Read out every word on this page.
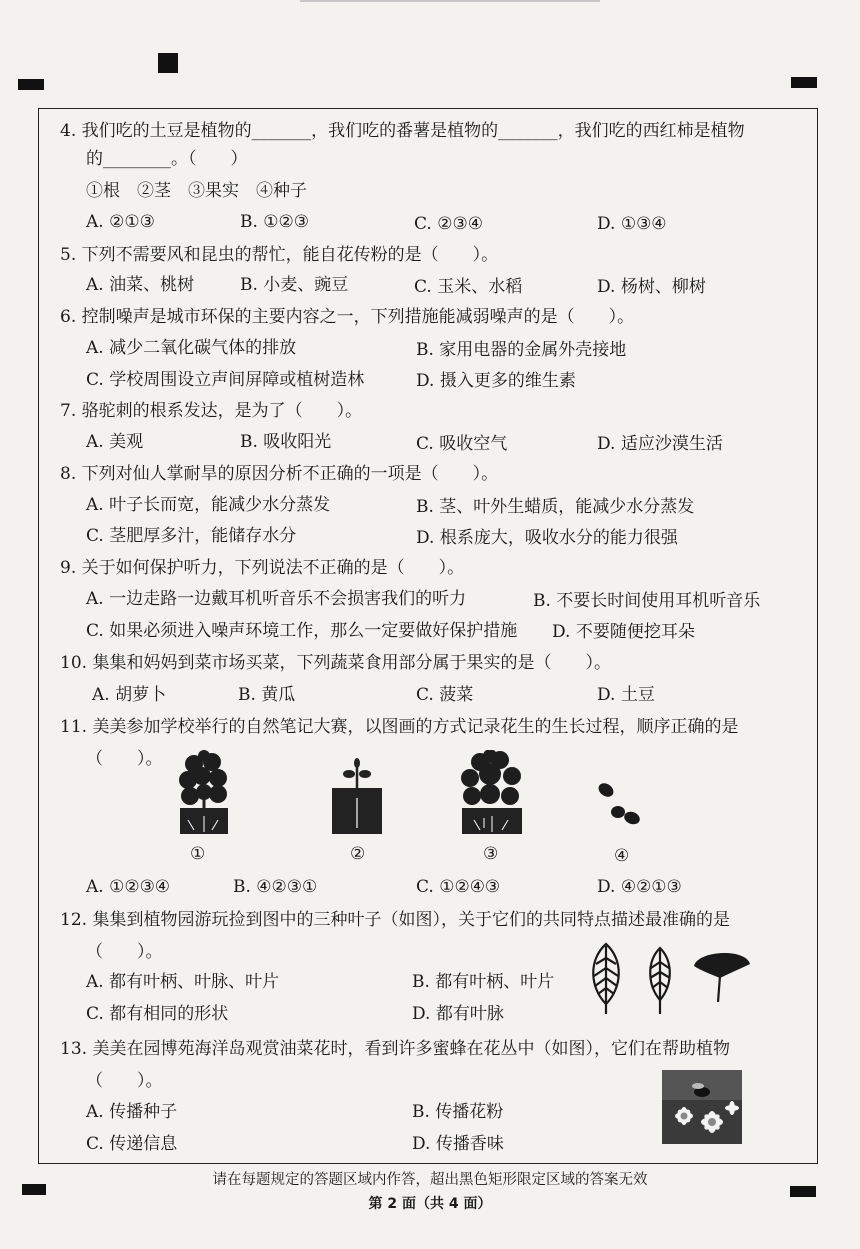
4. 我们吃的土豆是植物的_______，我们吃的番薯是植物的_______，我们吃的西红柿是植物
的________。（　　）
①根　②茎　③果实　④种子
A. ②①③	B. ①②③	C. ②③④	D. ①③④
5. 下列不需要风和昆虫的帮忙，能自花传粉的是（　　）。
A. 油菜、桃树	B. 小麦、豌豆	C. 玉米、水稻	D. 杨树、柳树
6. 控制噪声是城市环保的主要内容之一，下列措施能减弱噪声的是（　　）。
A. 减少二氧化碳气体的排放	B. 家用电器的金属外壳接地
C. 学校周围设立声间屏障或植树造林	D. 摄入更多的维生素
7. 骆驼刺的根系发达，是为了（　　）。
A. 美观	B. 吸收阳光	C. 吸收空气	D. 适应沙漠生活
8. 下列对仙人掌耐旱的原因分析不正确的一项是（　　）。
A. 叶子长而宽，能减少水分蒸发	B. 茎、叶外生蜡质，能减少水分蒸发
C. 茎肥厚多汁，能储存水分	D. 根系庞大，吸收水分的能力很强
9. 关于如何保护听力，下列说法不正确的是（　　）。
A. 一边走路一边戴耳机听音乐不会损害我们的听力	B. 不要长时间使用耳机听音乐
C. 如果必须进入噪声环境工作，那么一定要做好保护措施 D. 不要随便挖耳朵
10. 集集和妈妈到菜市场买菜，下列蔬菜食用部分属于果实的是（　　）。
A. 胡萝卜	B. 黄瓜	C. 菠菜	D. 土豆
11. 美美参加学校举行的自然笔记大赛，以图画的方式记录花生的生长过程，顺序正确的是
（　　）。
①	②	③	④
A. ①②③④	B. ④②③①	C. ①②④③	D. ④②①③
12. 集集到植物园游玩捡到图中的三种叶子（如图），关于它们的共同特点描述最准确的是
（　　）。
A. 都有叶柄、叶脉、叶片	B. 都有叶柄、叶片
C. 都有相同的形状	D. 都有叶脉
13. 美美在园博苑海洋岛观赏油菜花时，看到许多蜜蜂在花丛中（如图），它们在帮助植物
（　　）。
A. 传播种子	B. 传播花粉
C. 传递信息	D. 传播香味
请在每题规定的答题区域内作答，超出黑色矩形限定区域的答案无效
第 2 面（共 4 面）
